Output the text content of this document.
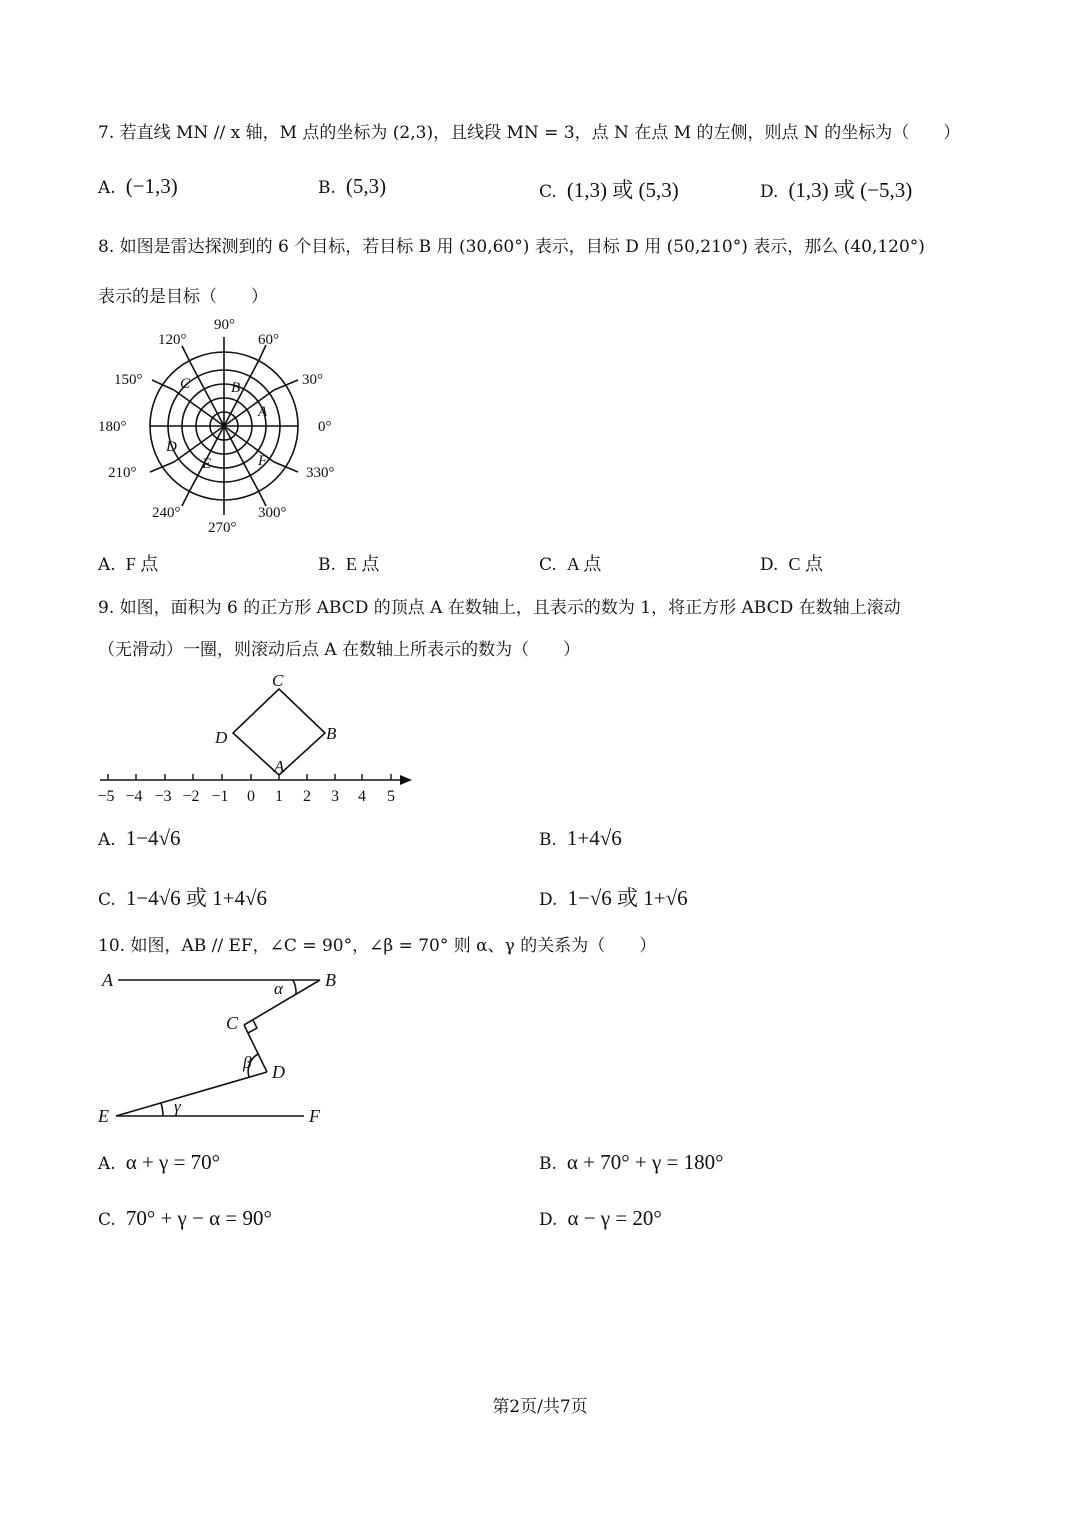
7. 若直线 MN // x 轴，M 点的坐标为 (2,3)，且线段 MN = 3，点 N 在点 M 的左侧，则点 N 的坐标为（　　）
A. (−1,3)	B. (5,3)	C. (1,3) 或 (5,3)	D. (1,3) 或 (−5,3)
8. 如图是雷达探测到的 6 个目标，若目标 B 用 (30,60°) 表示，目标 D 用 (50,210°) 表示，那么 (40,120°)
表示的是目标（　　）
90°
60°
120°
30°
150°
0°
180°
330°
210°
240°	300°
270°
A
B
C
D
E	F
A. F 点	B. E 点	C. A 点	D. C 点
9. 如图，面积为 6 的正方形 ABCD 的顶点 A 在数轴上，且表示的数为 1，将正方形 ABCD 在数轴上滚动
（无滑动）一圈，则滚动后点 A 在数轴上所表示的数为（　　）
−5 −4 −3 −2 −1 0 1 2 3 4 5
A
B
C
D
A. 1−4√6	B. 1+4√6
C. 1−4√6 或 1+4√6	D. 1−√6 或 1+√6
10. 如图，AB // EF，∠C = 90°，∠β = 70° 则 α、γ 的关系为（　　）
A	B
C
D
E	F
α
β
γ
A. α + γ = 70°	B. α + 70° + γ = 180°
C. 70° + γ − α = 90°	D. α − γ = 20°
第2页/共7页
